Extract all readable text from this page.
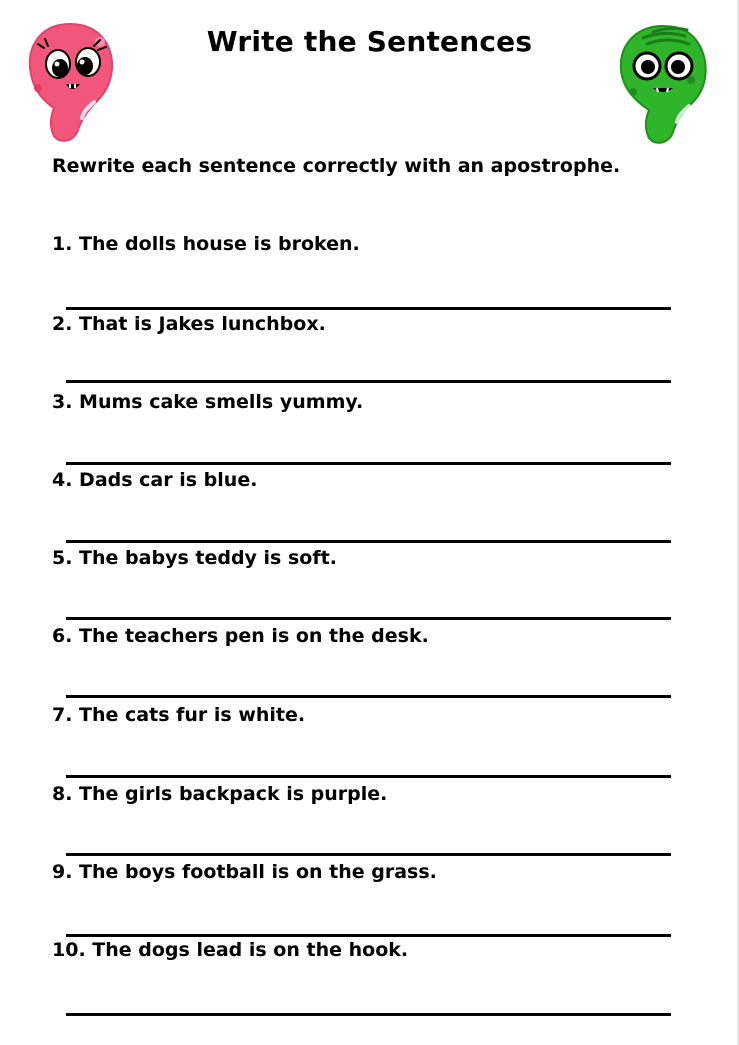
Write the Sentences
Rewrite each sentence correctly with an apostrophe.
1. The dolls house is broken.
2. That is Jakes lunchbox.
3. Mums cake smells yummy.
4. Dads car is blue.
5. The babys teddy is soft.
6. The teachers pen is on the desk.
7. The cats fur is white.
8. The girls backpack is purple.
9. The boys football is on the grass.
10. The dogs lead is on the hook.
